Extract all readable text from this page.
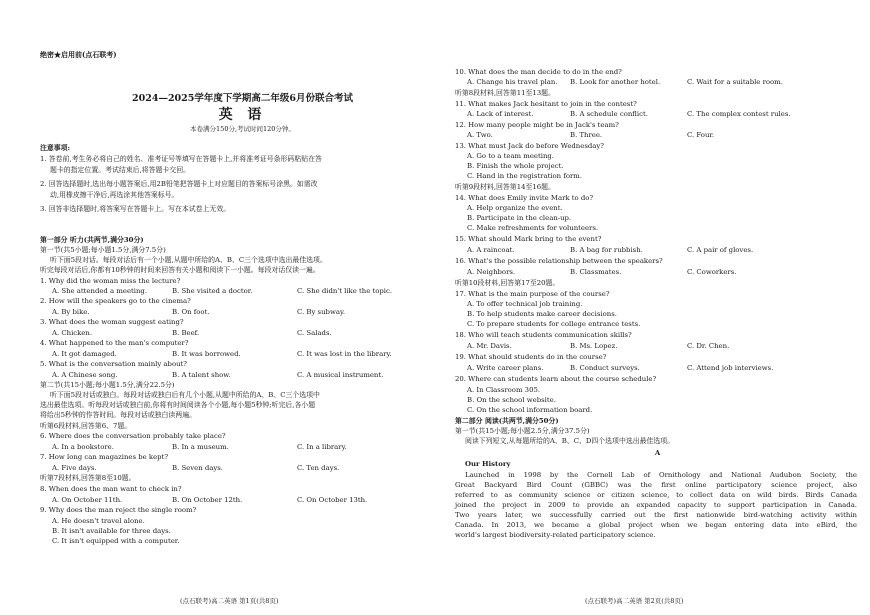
绝密★启用前(点石联考)
2024—2025学年度下学期高二年级6月份联合考试
英 语
本卷满分150分,考试时间120分钟。
注意事项:
1. 答卷前,考生务必将自己的姓名、准考证号等填写在答题卡上,并将准考证号条形码粘贴在答
题卡的指定位置。考试结束后,将答题卡交回。
2. 回答选择题时,选出每小题答案后,用2B铅笔把答题卡上对应题目的答案标号涂黑。如需改
动,用橡皮擦干净后,再选涂其他答案标号。
3. 回答非选择题时,将答案写在答题卡上。写在本试卷上无效。
第一部分 听力(共两节,满分30分)
第一节(共5小题;每小题1.5分,满分7.5分)
听下面5段对话。每段对话后有一个小题,从题中所给的A、B、C三个选项中选出最佳选项。
听完每段对话后,你都有10秒钟的时间来回答有关小题和阅读下一小题。每段对话仅读一遍。
1. Why did the woman miss the lecture?
A. She attended a meeting.	B. She visited a doctor.	C. She didn't like the topic.
2. How will the speakers go to the cinema?
A. By bike.	B. On foot.	C. By subway.
3. What does the woman suggest eating?
A. Chicken.	B. Beef.	C. Salads.
4. What happened to the man's computer?
A. It got damaged.	B. It was borrowed.	C. It was lost in the library.
5. What is the conversation mainly about?
A. A Chinese song.	B. A talent show.	C. A musical instrument.
第二节(共15小题;每小题1.5分,满分22.5分)
听下面5段对话或独白。每段对话或独白后有几个小题,从题中所给的A、B、C三个选项中
选出最佳选项。听每段对话或独白前,你将有时间阅读各个小题,每小题5秒钟;听完后,各小题
将给出5秒钟的作答时间。每段对话或独白读两遍。
听第6段材料,回答第6、7题。
6. Where does the conversation probably take place?
A. In a bookstore.	B. In a museum.	C. In a library.
7. How long can magazines be kept?
A. Five days.	B. Seven days.	C. Ten days.
听第7段材料,回答第8至10题。
8. When does the man want to check in?
A. On October 11th.	B. On October 12th.	C. On October 13th.
9. Why does the man reject the single room?
A. He doesn't travel alone.
B. It isn't available for three days.
C. It isn't equipped with a computer.
(点石联考)高二英语 第1页(共8页)
10. What does the man decide to do in the end?
A. Change his travel plan. B. Look for another hotel.	C. Wait for a suitable room.
听第8段材料,回答第11至13题。
11. What makes Jack hesitant to join in the contest?
A. Lack of interest.	B. A schedule conflict.	C. The complex contest rules.
12. How many people might be in Jack's team?
A. Two.	B. Three.	C. Four.
13. What must Jack do before Wednesday?
A. Go to a team meeting.
B. Finish the whole project.
C. Hand in the registration form.
听第9段材料,回答第14至16题。
14. What does Emily invite Mark to do?
A. Help organize the event.
B. Participate in the clean-up.
C. Make refreshments for volunteers.
15. What should Mark bring to the event?
A. A raincoat.	B. A bag for rubbish.	C. A pair of gloves.
16. What's the possible relationship between the speakers?
A. Neighbors.	B. Classmates.	C. Coworkers.
听第10段材料,回答第17至20题。
17. What is the main purpose of the course?
A. To offer technical job training.
B. To help students make career decisions.
C. To prepare students for college entrance tests.
18. Who will teach students communication skills?
A. Mr. Davis.	B. Ms. Lopez.	C. Dr. Chen.
19. What should students do in the course?
A. Write career plans.	B. Conduct surveys.	C. Attend job interviews.
20. Where can students learn about the course schedule?
A. In Classroom 305.
B. On the school website.
C. On the school information board.
第二部分 阅读(共两节,满分50分)
第一节(共15小题;每小题2.5分,满分37.5分)
阅读下列短文,从每题所给的A、B、C、D四个选项中选出最佳选项。
A
Our History
Launched in 1998 by the Cornell Lab of Ornithology and National Audubon Society, the
Great Backyard Bird Count (GBBC) was the first online participatory science project, also
referred to as community science or citizen science, to collect data on wild birds. Birds Canada
joined the project in 2009 to provide an expanded capacity to support participation in Canada.
Two years later, we successfully carried out the first nationwide bird-watching activity within
Canada. In 2013, we became a global project when we began entering data into eBird, the
world's largest biodiversity-related participatory science.
(点石联考)高二英语 第2页(共8页)
